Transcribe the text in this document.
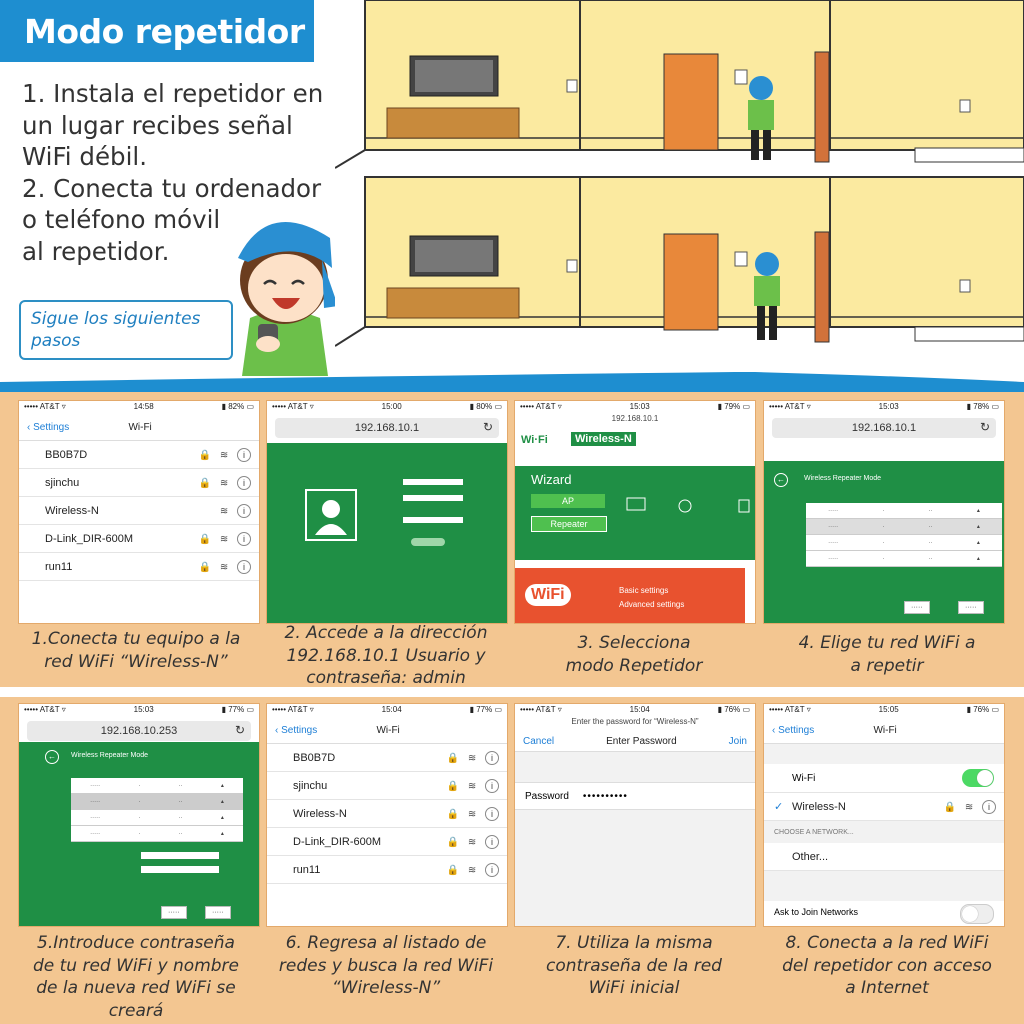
Modo repetidor
1. Instala el repetidor en
un lugar recibes señal
WiFi débil.
2. Conecta tu ordenador
o teléfono móvil
al repetidor.
Sigue los siguientes
pasos
••••• AT&T ▿	14:58	▮ 82% ▭
‹ Settings	Wi-Fi
BB0B7D	🔒 ≋ i
sjinchu	🔒 ≋ i
Wireless-N	≋ i
D-Link_DIR-600M	🔒 ≋ i
run11	🔒 ≋ i
1.Conecta tu equipo a la
red WiFi “Wireless-N”
••••• AT&T ▿	15:00	▮ 80% ▭
192.168.10.1	↻
2. Accede a la dirección
192.168.10.1 Usuario y
contraseña: admin
••••• AT&T ▿	15:03	▮ 79% ▭
192.168.10.1
Wi·Fi	Wireless-N
Wizard
AP
Repeater
WiFi	Basic settings
Advanced settings
3. Selecciona
modo Repetidor
••••• AT&T ▿	15:03	▮ 78% ▭
192.168.10.1	↻
←	Wireless Repeater Mode
·····	·	··	▴
·····	·	··	▴
·····	·	··	▴
·····	·	··	▴
·····	·····
4. Elige tu red WiFi a
a repetir
••••• AT&T ▿	15:03	▮ 77% ▭
192.168.10.253	↻
←	Wireless Repeater Mode
·····	·	··	▴
·····	·	··	▴
·····	·	··	▴
·····	·	··	▴
·····	·····
5.Introduce contraseña
de tu red WiFi y nombre
de la nueva red WiFi se
creará
••••• AT&T ▿	15:04	▮ 77% ▭
‹ Settings	Wi-Fi
BB0B7D	🔒 ≋ i
sjinchu	🔒 ≋ i
Wireless-N	🔒 ≋ i
D-Link_DIR-600M	🔒 ≋ i
run11	🔒 ≋ i
6. Regresa al listado de
redes y busca la red WiFi
“Wireless-N”
••••• AT&T ▿	15:04	▮ 76% ▭
Enter the password for “Wireless-N”
Cancel	Enter Password	Join
Password ••••••••••
7. Utiliza la misma
contraseña de la red
WiFi inicial
••••• AT&T ▿	15:05	▮ 76% ▭
‹ Settings	Wi-Fi
Wi-Fi
✓ Wireless-N	🔒 ≋ i
CHOOSE A NETWORK...
Other...
Ask to Join Networks
8. Conecta a la red WiFi
del repetidor con acceso
a Internet
